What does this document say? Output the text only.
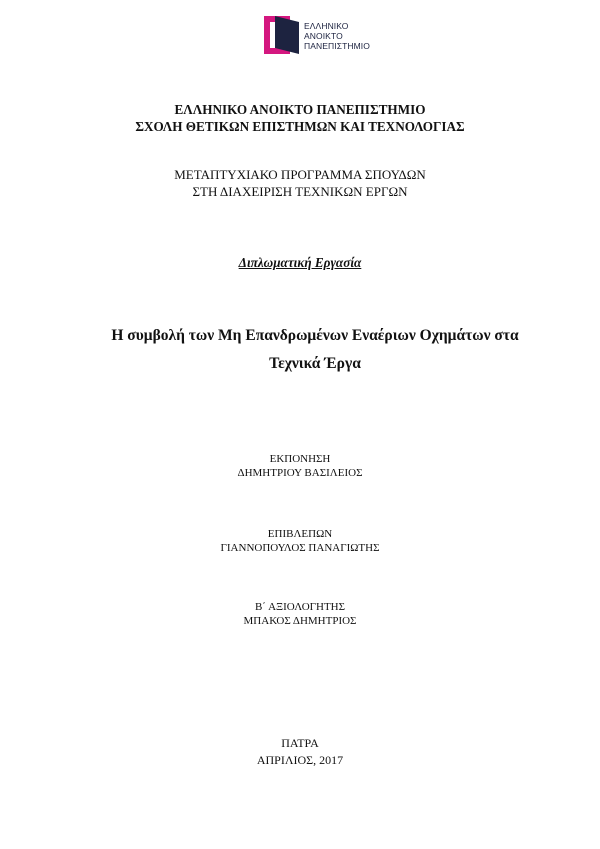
ΕΛΛΗΝΙΚΟ
ΑΝΟΙΚΤΟ
ΠΑΝΕΠΙΣΤΗΜΙΟ
ΕΛΛΗΝΙΚΟ ΑΝΟΙΚΤΟ ΠΑΝΕΠΙΣΤΗΜΙΟ
ΣΧΟΛΗ ΘΕΤΙΚΩΝ ΕΠΙΣΤΗΜΩΝ ΚΑΙ ΤΕΧΝΟΛΟΓΙΑΣ
ΜΕΤΑΠΤΥΧΙΑΚΟ ΠΡΟΓΡΑΜΜΑ ΣΠΟΥΔΩΝ
ΣΤΗ ΔΙΑΧΕΙΡΙΣΗ ΤΕΧΝΙΚΩΝ ΕΡΓΩΝ
Διπλωματική Εργασία
Η συμβολή των Μη Επανδρωμένων Εναέριων Οχημάτων στα
Τεχνικά Έργα
ΕΚΠΟΝΗΣΗ
ΔΗΜΗΤΡΙΟΥ ΒΑΣΙΛΕΙΟΣ
ΕΠΙΒΛΕΠΩΝ
ΓΙΑΝΝΟΠΟΥΛΟΣ ΠΑΝΑΓΙΩΤΗΣ
Β΄ ΑΞΙΟΛΟΓΗΤΗΣ
ΜΠΑΚΟΣ ΔΗΜΗΤΡΙΟΣ
ΠΑΤΡΑ
ΑΠΡΙΛΙΟΣ, 2017
